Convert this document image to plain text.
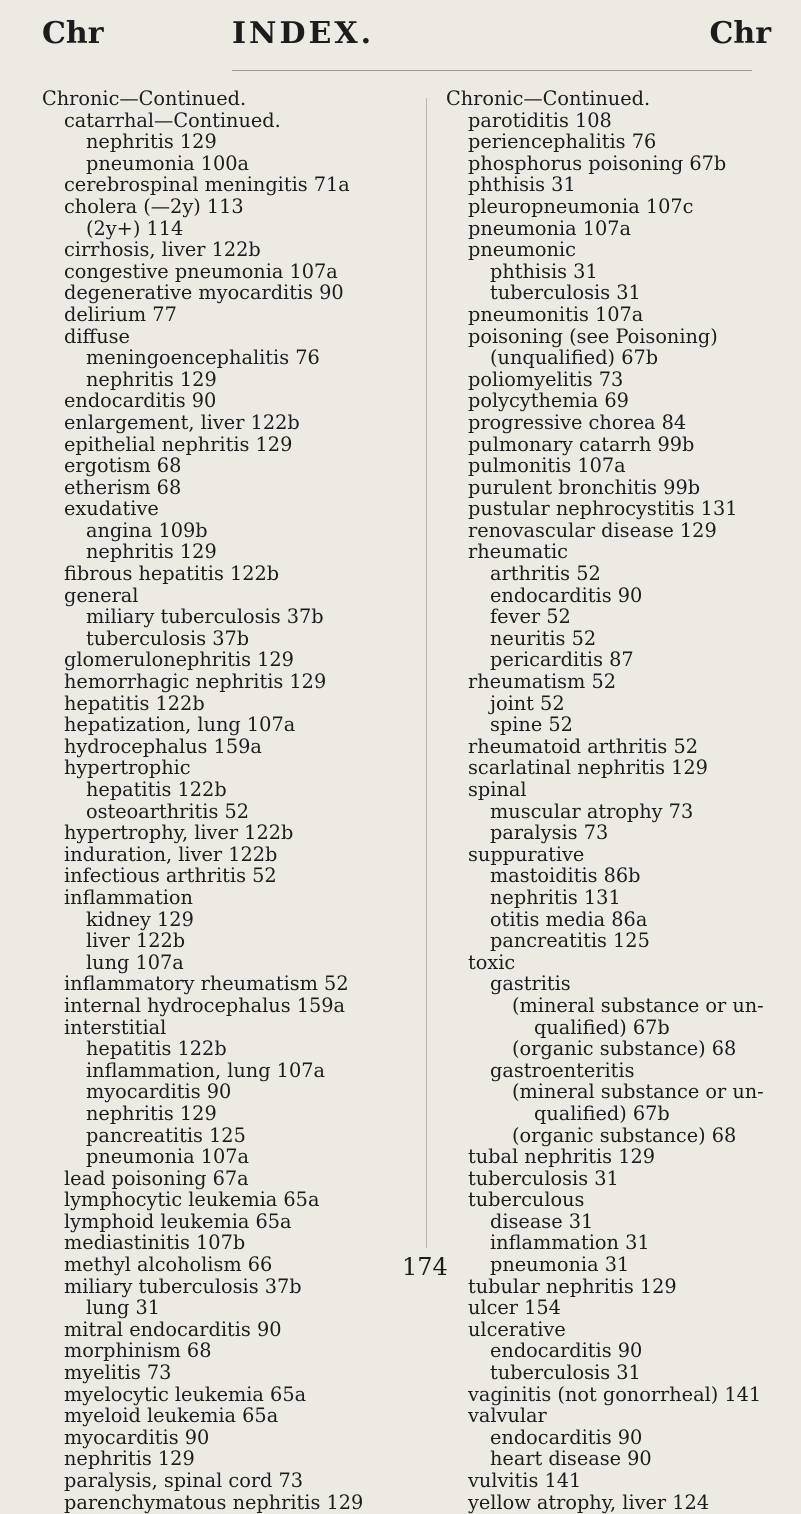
Chr	INDEX.	Chr
Chronic—Continued.
catarrhal—Continued.
nephritis 129
pneumonia 100a
cerebrospinal meningitis 71a
cholera (—2y) 113
(2y+) 114
cirrhosis, liver 122b
congestive pneumonia 107a
degenerative myocarditis 90
delirium 77
diffuse
meningoencephalitis 76
nephritis 129
endocarditis 90
enlargement, liver 122b
epithelial nephritis 129
ergotism 68
etherism 68
exudative
angina 109b
nephritis 129
fibrous hepatitis 122b
general
miliary tuberculosis 37b
tuberculosis 37b
glomerulonephritis 129
hemorrhagic nephritis 129
hepatitis 122b
hepatization, lung 107a
hydrocephalus 159a
hypertrophic
hepatitis 122b
osteoarthritis 52
hypertrophy, liver 122b
induration, liver 122b
infectious arthritis 52
inflammation
kidney 129
liver 122b
lung 107a
inflammatory rheumatism 52
internal hydrocephalus 159a
interstitial
hepatitis 122b
inflammation, lung 107a
myocarditis 90
nephritis 129
pancreatitis 125
pneumonia 107a
lead poisoning 67a
lymphocytic leukemia 65a
lymphoid leukemia 65a
mediastinitis 107b
methyl alcoholism 66
miliary tuberculosis 37b
lung 31
mitral endocarditis 90
morphinism 68
myelitis 73
myelocytic leukemia 65a
myeloid leukemia 65a
myocarditis 90
nephritis 129
paralysis, spinal cord 73
parenchymatous nephritis 129
Chronic—Continued.
parotiditis 108
periencephalitis 76
phosphorus poisoning 67b
phthisis 31
pleuropneumonia 107c
pneumonia 107a
pneumonic
phthisis 31
tuberculosis 31
pneumonitis 107a
poisoning (see Poisoning)
(unqualified) 67b
poliomyelitis 73
polycythemia 69
progressive chorea 84
pulmonary catarrh 99b
pulmonitis 107a
purulent bronchitis 99b
pustular nephrocystitis 131
renovascular disease 129
rheumatic
arthritis 52
endocarditis 90
fever 52
neuritis 52
pericarditis 87
rheumatism 52
joint 52
spine 52
rheumatoid arthritis 52
scarlatinal nephritis 129
spinal
muscular atrophy 73
paralysis 73
suppurative
mastoiditis 86b
nephritis 131
otitis media 86a
pancreatitis 125
toxic
gastritis
(mineral substance or un-
qualified) 67b
(organic substance) 68
gastroenteritis
(mineral substance or un-
qualified) 67b
(organic substance) 68
tubal nephritis 129
tuberculosis 31
tuberculous
disease 31
inflammation 31
pneumonia 31
tubular nephritis 129
ulcer 154
ulcerative
endocarditis 90
tuberculosis 31
vaginitis (not gonorrheal) 141
valvular
endocarditis 90
heart disease 90
vulvitis 141
yellow atrophy, liver 124
174
